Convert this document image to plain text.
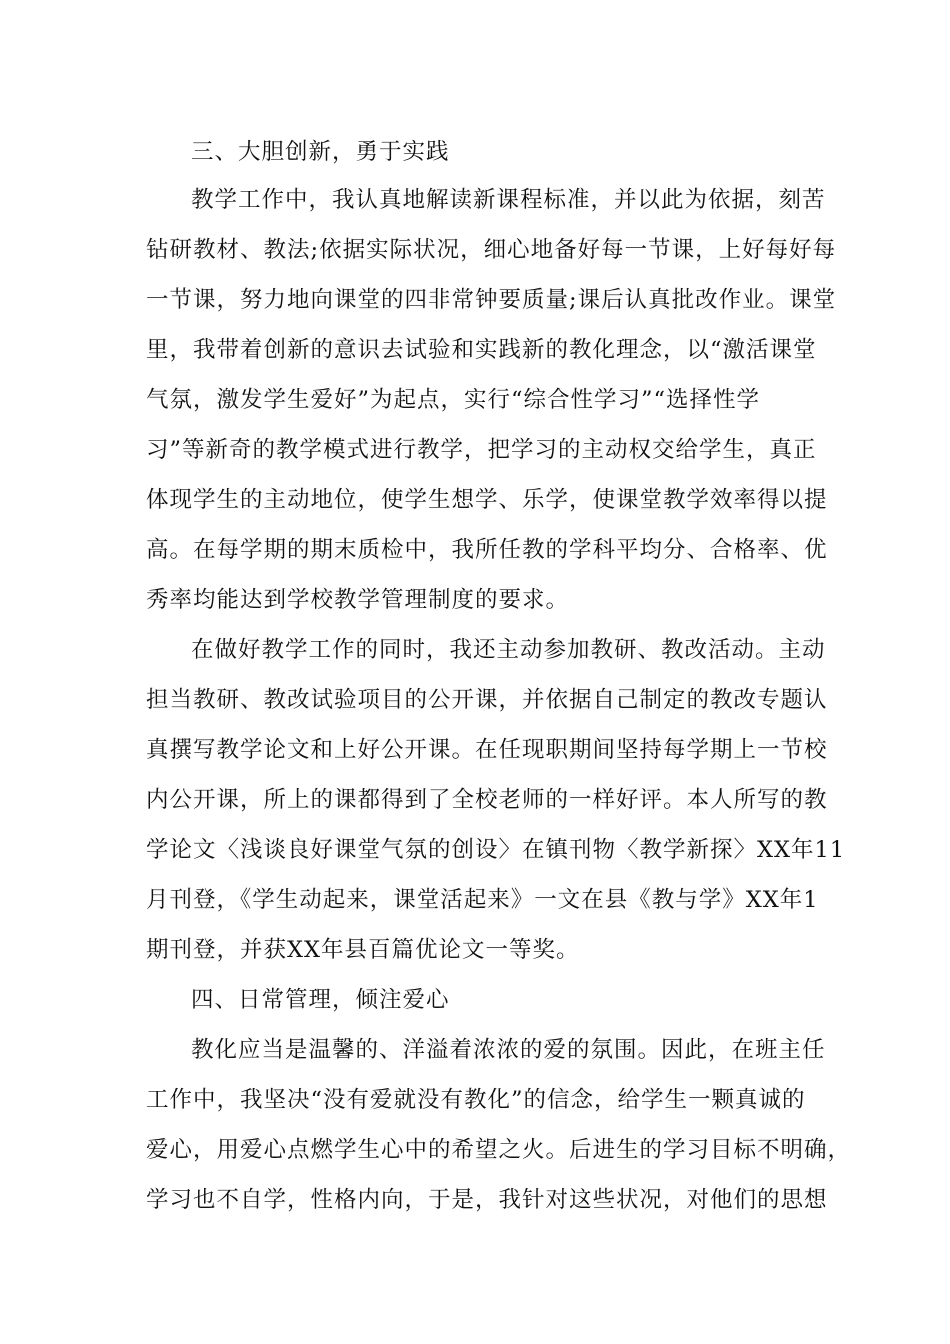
三、大胆创新，勇于实践
教学工作中，我认真地解读新课程标准，并以此为依据，刻苦
钻研教材、教法;依据实际状况，细心地备好每一节课，上好每好每
一节课，努力地向课堂的四非常钟要质量;课后认真批改作业。课堂
里，我带着创新的意识去试验和实践新的教化理念，以“激活课堂
气氛，激发学生爱好”为起点，实行“综合性学习”“选择性学
习”等新奇的教学模式进行教学，把学习的主动权交给学生，真正
体现学生的主动地位，使学生想学、乐学，使课堂教学效率得以提
高。在每学期的期末质检中，我所任教的学科平均分、合格率、优
秀率均能达到学校教学管理制度的要求。
在做好教学工作的同时，我还主动参加教研、教改活动。主动
担当教研、教改试验项目的公开课，并依据自己制定的教改专题认
真撰写教学论文和上好公开课。在任现职期间坚持每学期上一节校
内公开课，所上的课都得到了全校老师的一样好评。本人所写的教
学论文〈浅谈良好课堂气氛的创设〉在镇刊物〈教学新探〉XX年11
月刊登，《学生动起来，课堂活起来》一文在县《教与学》XX年1
期刊登，并获XX年县百篇优论文一等奖。
四、日常管理，倾注爱心
教化应当是温馨的、洋溢着浓浓的爱的氛围。因此，在班主任
工作中，我坚决“没有爱就没有教化”的信念，给学生一颗真诚的
爱心，用爱心点燃学生心中的希望之火。后进生的学习目标不明确，
学习也不自学，性格内向，于是，我针对这些状况，对他们的思想
